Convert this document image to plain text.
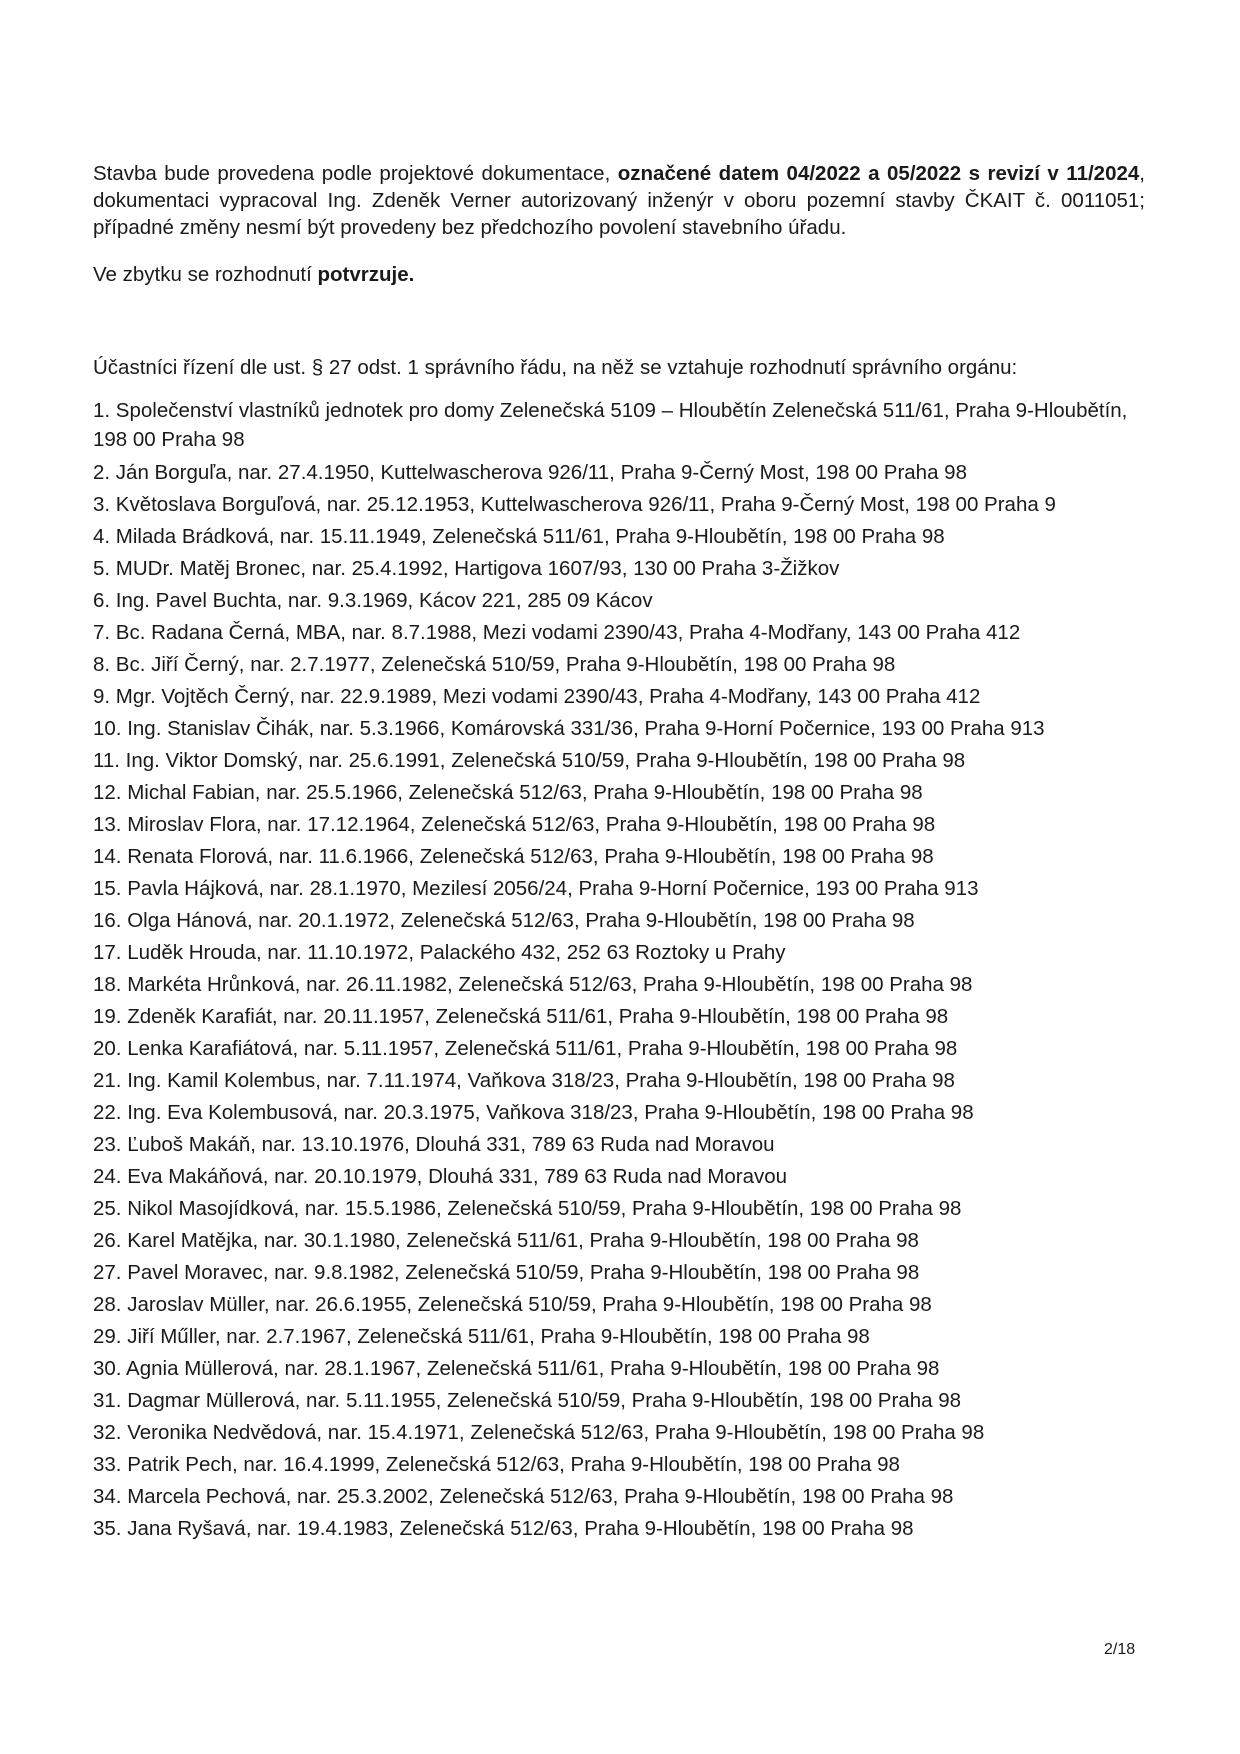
Stavba bude provedena podle projektové dokumentace, označené datem 04/2022 a 05/2022 s revizí v 11/2024, dokumentaci vypracoval Ing. Zdeněk Verner autorizovaný inženýr v oboru pozemní stavby ČKAIT č. 0011051; případné změny nesmí být provedeny bez předchozího povolení stavebního úřadu.

Ve zbytku se rozhodnutí potvrzuje.

Účastníci řízení dle ust. § 27 odst. 1 správního řádu, na něž se vztahuje rozhodnutí správního orgánu:

1. Společenství vlastníků jednotek pro domy Zelenečská 5109 – Hloubětín Zelenečská 511/61, Praha 9-Hloubětín, 198 00 Praha 98
2. Ján Borguľa, nar. 27.4.1950, Kuttelwascherova 926/11, Praha 9-Černý Most, 198 00 Praha 98
3. Květoslava Borguľová, nar. 25.12.1953, Kuttelwascherova 926/11, Praha 9-Černý Most, 198 00 Praha 9
4. Milada Brádková, nar. 15.11.1949, Zelenečská 511/61, Praha 9-Hloubětín, 198 00 Praha 98
5. MUDr. Matěj Bronec, nar. 25.4.1992, Hartigova 1607/93, 130 00 Praha 3-Žižkov
6. Ing. Pavel Buchta, nar. 9.3.1969, Kácov 221, 285 09 Kácov
7. Bc. Radana Černá, MBA, nar. 8.7.1988, Mezi vodami 2390/43, Praha 4-Modřany, 143 00 Praha 412
8. Bc. Jiří Černý, nar. 2.7.1977, Zelenečská 510/59, Praha 9-Hloubětín, 198 00 Praha 98
9. Mgr. Vojtěch Černý, nar. 22.9.1989, Mezi vodami 2390/43, Praha 4-Modřany, 143 00 Praha 412
10. Ing. Stanislav Čihák, nar. 5.3.1966, Komárovská 331/36, Praha 9-Horní Počernice, 193 00 Praha 913
11. Ing. Viktor Domský, nar. 25.6.1991, Zelenečská 510/59, Praha 9-Hloubětín, 198 00 Praha 98
12. Michal Fabian, nar. 25.5.1966, Zelenečská 512/63, Praha 9-Hloubětín, 198 00 Praha 98
13. Miroslav Flora, nar. 17.12.1964, Zelenečská 512/63, Praha 9-Hloubětín, 198 00 Praha 98
14. Renata Florová, nar. 11.6.1966, Zelenečská 512/63, Praha 9-Hloubětín, 198 00 Praha 98
15. Pavla Hájková, nar. 28.1.1970, Mezilesí 2056/24, Praha 9-Horní Počernice, 193 00 Praha 913
16. Olga Hánová, nar. 20.1.1972, Zelenečská 512/63, Praha 9-Hloubětín, 198 00 Praha 98
17. Luděk Hrouda, nar. 11.10.1972, Palackého 432, 252 63 Roztoky u Prahy
18. Markéta Hrůnková, nar. 26.11.1982, Zelenečská 512/63, Praha 9-Hloubětín, 198 00 Praha 98
19. Zdeněk Karafiát, nar. 20.11.1957, Zelenečská 511/61, Praha 9-Hloubětín, 198 00 Praha 98
20. Lenka Karafiátová, nar. 5.11.1957, Zelenečská 511/61, Praha 9-Hloubětín, 198 00 Praha 98
21. Ing. Kamil Kolembus, nar. 7.11.1974, Vaňkova 318/23, Praha 9-Hloubětín, 198 00 Praha 98
22. Ing. Eva Kolembusová, nar. 20.3.1975, Vaňkova 318/23, Praha 9-Hloubětín, 198 00 Praha 98
23. Ľuboš Makáň, nar. 13.10.1976, Dlouhá 331, 789 63 Ruda nad Moravou
24. Eva Makáňová, nar. 20.10.1979, Dlouhá 331, 789 63 Ruda nad Moravou
25. Nikol Masojídková, nar. 15.5.1986, Zelenečská 510/59, Praha 9-Hloubětín, 198 00 Praha 98
26. Karel Matějka, nar. 30.1.1980, Zelenečská 511/61, Praha 9-Hloubětín, 198 00 Praha 98
27. Pavel Moravec, nar. 9.8.1982, Zelenečská 510/59, Praha 9-Hloubětín, 198 00 Praha 98
28. Jaroslav Müller, nar. 26.6.1955, Zelenečská 510/59, Praha 9-Hloubětín, 198 00 Praha 98
29. Jiří Műller, nar. 2.7.1967, Zelenečská 511/61, Praha 9-Hloubětín, 198 00 Praha 98
30. Agnia Müllerová, nar. 28.1.1967, Zelenečská 511/61, Praha 9-Hloubětín, 198 00 Praha 98
31. Dagmar Müllerová, nar. 5.11.1955, Zelenečská 510/59, Praha 9-Hloubětín, 198 00 Praha 98
32. Veronika Nedvědová, nar. 15.4.1971, Zelenečská 512/63, Praha 9-Hloubětín, 198 00 Praha 98
33. Patrik Pech, nar. 16.4.1999, Zelenečská 512/63, Praha 9-Hloubětín, 198 00 Praha 98
34. Marcela Pechová, nar. 25.3.2002, Zelenečská 512/63, Praha 9-Hloubětín, 198 00 Praha 98
35. Jana Ryšavá, nar. 19.4.1983, Zelenečská 512/63, Praha 9-Hloubětín, 198 00 Praha 98
2/18
